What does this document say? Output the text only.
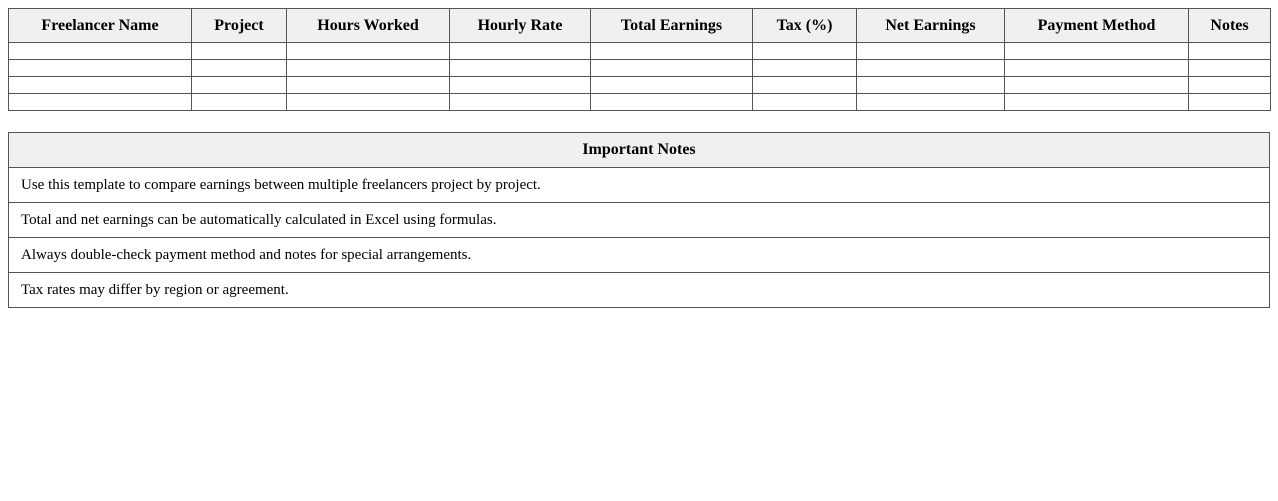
Freelancer Name	Project	Hours Worked	Hourly Rate	Total Earnings	Tax (%)	Net Earnings	Payment Method	Notes

Important Notes
Use this template to compare earnings between multiple freelancers project by project.
Total and net earnings can be automatically calculated in Excel using formulas.
Always double-check payment method and notes for special arrangements.
Tax rates may differ by region or agreement.
